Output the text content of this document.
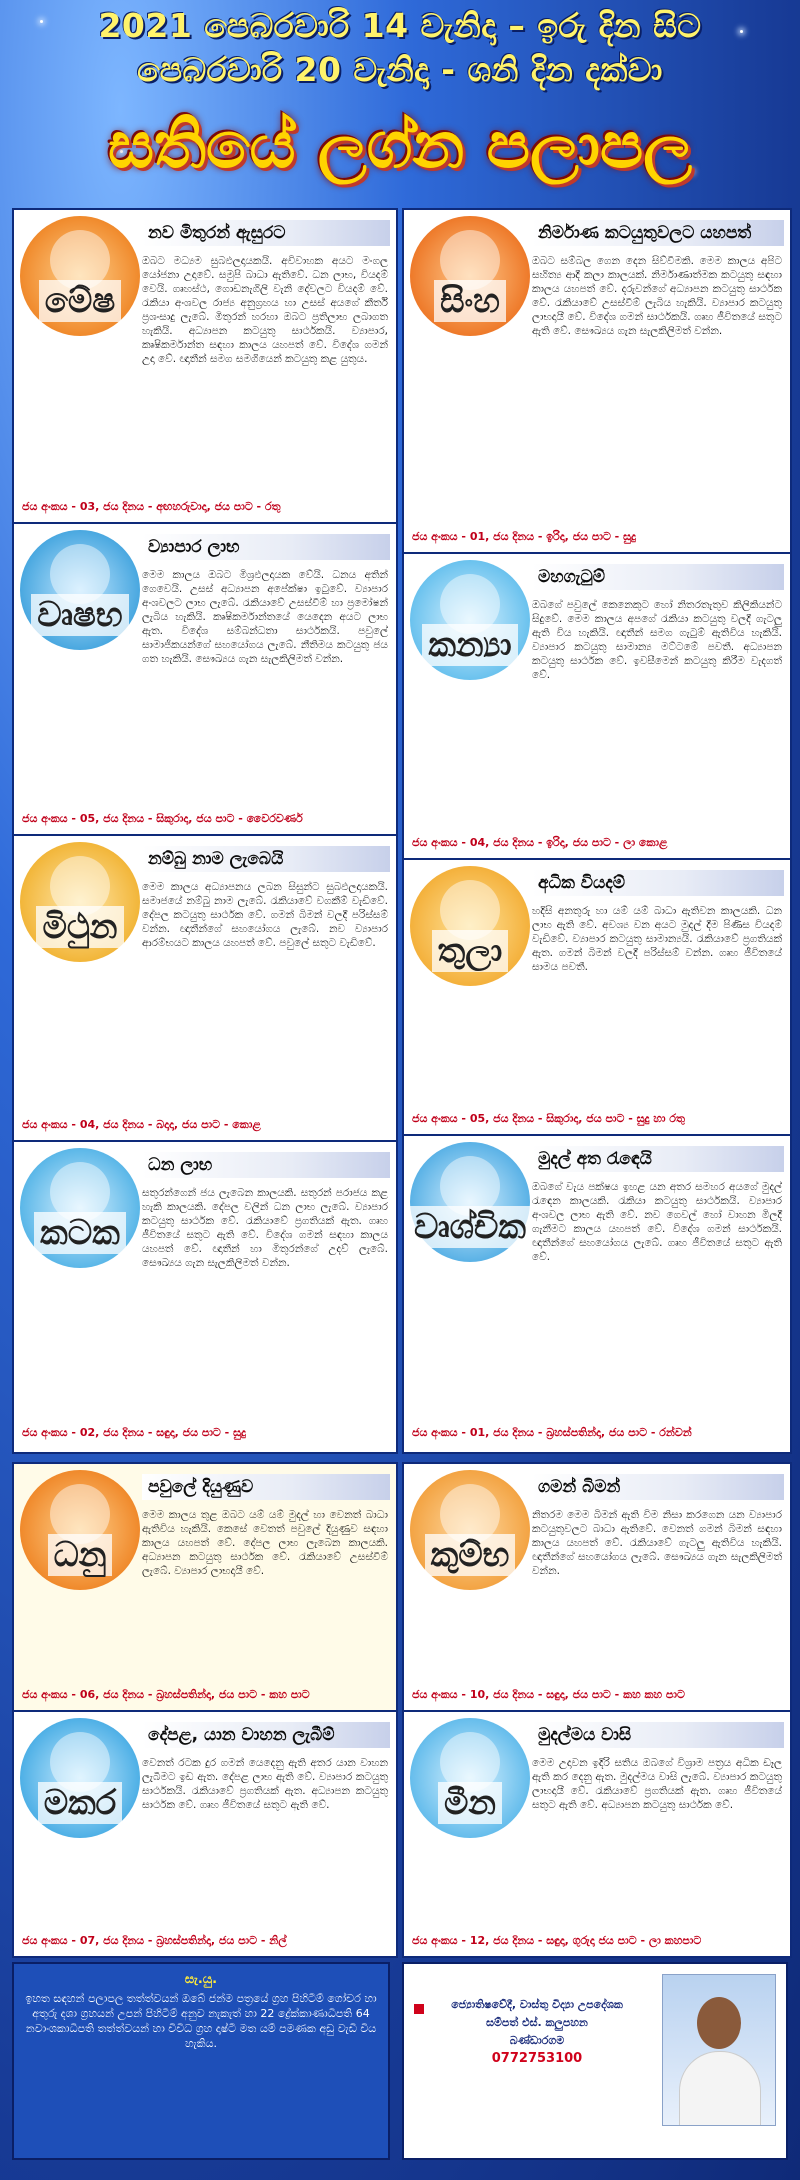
2021 පෙබරවාරි 14 වැනිදා – ඉරු දින සිට
පෙබරවාරි 20 වැනිදා - ශනි දින දක්වා
සතියේ ලග්න පලාපල
මේෂ
නව මිතුරන් ඇසුරට
ඔබට මධ්‍යම සුබඵලදායකයි. අවිවාහක අයට මංගල යෝජනා උදාවේ. සමුපි බාධා ඇතිවේ. ධන ලාභ, වියදම් වෙයි. ගෘහස්ථ, ගොඩනැගිලි වැනි දේවලට වියදම් වේ. රැකියා අංශවල රාජ්‍ය අනුග්‍රහය හා උසස් අයගේ කීර්ති ප්‍රශංසාදු ලැබේ. මිතුරන් හරහා ඔබට ප්‍රතිලාභ ලබාගත හැකියි. අධ්‍යාපන කටයුතු සාර්ථකයි. ව්‍යාපාර, කෘෂිකර්මාන්ත සඳහා කාලය යහපත් වේ. විදේශ ගමන් උදා වේ. ඥාතීන් සමග සමගියෙන් කටයුතු කළ යුතුය.
ජය අංකය - 03, ජය දිනය - අඟහරුවාදා, ජය පාට - රතු
වෘෂභ
ව්‍යාපාර ලාභ
මෙම කාලය ඔබට මිශ්‍රඵලදායක වේයි. ධනය අතින් ගෙවෙයි. උසස් අධ්‍යාපන අපේක්ෂා ඉටුවේ. ව්‍යාපාර අංශවලට ලාභ ලැබේ. රැකියාවේ උසස්වීම් හා ප්‍රමෝෂන් ලැබිය හැකියි. කෘෂිකර්මාන්තයේ යෙදෙන අයට ලාභ ඇත. විදේශ සම්බන්ධතා සාර්ථකයි. පවුලේ සාමාජිකයන්ගේ සහයෝගය ලැබේ. නීතිමය කටයුතු ජය ගත හැකියි. සෞඛ්‍යය ගැන සැලකිලිමත් වන්න.
ජය අංකය - 05, ජය දිනය - සිකුරාදා, ජය පාට - වෛරවර්ණ
මිථුන
නම්බු නාම ලැබෙයි
මෙම කාලය අධ්‍යාපනය ලබන සිසුන්ට සුබඵලදායකයි. සමාජයේ නම්බු නාම ලැබේ. රැකියාවේ වගකීම් වැඩිවේ. දේපල කටයුතු සාර්ථක වේ. ගමන් බිමන් වලදී පරිස්සම් වන්න. ඥාතීන්ගේ සහයෝගය ලැබේ. නව ව්‍යාපාර ආරම්භයට කාලය යහපත් වේ. පවුලේ සතුට වැඩිවේ.
ජය අංකය - 04, ජය දිනය - බදාදා, ජය පාට - කොළ
කටක
ධන ලාභ
සතුරන්ගෙන් ජය ලැබෙන කාලයකි. සතුරන් පරාජය කළ හැකි කාලයකි. දේපල වලින් ධන ලාභ ලැබේ. ව්‍යාපාර කටයුතු සාර්ථක වේ. රැකියාවේ ප්‍රගතියක් ඇත. ගෘහ ජීවිතයේ සතුට ඇති වේ. විදේශ ගමන් සඳහා කාලය යහපත් වේ. ඥාතීන් හා මිතුරන්ගේ උදව් ලැබේ. සෞඛ්‍යය ගැන සැලකිලිමත් වන්න.
ජය අංකය - 02, ජය දිනය - සඳුදා, ජය පාට - සුදු
සිංහ
නිර්මාණ කටයුතුවලට යහපත්
ඔබට සම්බල ගෙන දෙන සිව්වීමකි. මෙම කාලය අපිට සහිත්‍ය ආදී කලා කාලයක්. නිර්මාණාත්මක කටයුතු සඳහා කාලය යහපත් වේ. දරුවන්ගේ අධ්‍යාපන කටයුතු සාර්ථක වේ. රැකියාවේ උසස්වීම් ලැබිය හැකියි. ව්‍යාපාර කටයුතු ලාභදායී වේ. විදේශ ගමන් සාර්ථකයි. ගෘහ ජීවිතයේ සතුට ඇති වේ. සෞඛ්‍යය ගැන සැලකිලිමත් වන්න.
ජය අංකය - 01, ජය දිනය - ඉරිදා, ජය පාට - සුදු
කන්‍යා
මහගැටුම්
ඔබගේ පවුලේ කෙනෙකුට හෝ නිතරතැතුව කිලිකියන්ට සිදුවේ. මෙම කාලය අපගේ රැකියා කටයුතු වලදී ගැටලු ඇති විය හැකියි. ඥාතීන් සමග ගැටුම් ඇතිවිය හැකියි. ව්‍යාපාර කටයුතු සාමාන්‍ය මට්ටමේ පවතී. අධ්‍යාපන කටයුතු සාර්ථක වේ. ඉවසීමෙන් කටයුතු කිරීම වැදගත් වේ.
ජය අංකය - 04, ජය දිනය - ඉරිදා, ජය පාට - ලා කොළ
තුලා
අධික වියදම්
හදිසි අනතුරු හා යම් යම් බාධා ඇතිවන කාලයකි. ධන ලාභ ඇති වේ. අවශ්‍ය වන අයට මුදල් දීම පිණිස වියදම් වැඩිවේ. ව්‍යාපාර කටයුතු සාමාන්‍යයි. රැකියාවේ ප්‍රගතියක් ඇත. ගමන් බිමන් වලදී පරිස්සම් වන්න. ගෘහ ජීවිතයේ සාමය පවතී.
ජය අංකය - 05, ජය දිනය - සිකුරාදා, ජය පාට - සුදු හා රතු
වෘශ්චික
මුදල් අත රැඳෙයි
ඔබගේ වැය පක්ෂය ඉහළ යන අතර සමහර අයගේ මුදල් රැඳෙන කාලයකි. රැකියා කටයුතු සාර්ථකයි. ව්‍යාපාර අංශවල ලාභ ඇති වේ. නව ගෙවල් හෝ වාහන මිලදී ගැනීමට කාලය යහපත් වේ. විදේශ ගමන් සාර්ථකයි. ඥාතීන්ගේ සහයෝගය ලැබේ. ගෘහ ජීවිතයේ සතුට ඇති වේ.
ජය අංකය - 01, ජය දිනය - බ්‍රහස්පතින්දා, ජය පාට - රන්වන්
ධනු
පවුලේ දියුණුව
මෙම කාලය තුළ ඔබට යම් යම් මුදල් හා වෙනත් බාධා ඇතිවිය හැකියි. කෙසේ වෙතත් පවුලේ දියුණුව සඳහා කාලය යහපත් වේ. දේපල ලාභ ලැබෙන කාලයකි. අධ්‍යාපන කටයුතු සාර්ථක වේ. රැකියාවේ උසස්වීම් ලැබේ. ව්‍යාපාර ලාභදායී වේ.
ජය අංකය - 06, ජය දිනය - බ්‍රහස්පතින්දා, ජය පාට - කහ පාට
මකර
දේපළ, යාන වාහන ලැබීම්
වෙනත් රටක දුර ගමන් යෙදෙනු ඇති අතර යාන වාහන ලැබීමට ඉඩ ඇත. දේපළ ලාභ ඇති වේ. ව්‍යාපාර කටයුතු සාර්ථකයි. රැකියාවේ ප්‍රගතියක් ඇත. අධ්‍යාපන කටයුතු සාර්ථක වේ. ගෘහ ජීවිතයේ සතුට ඇති වේ.
ජය අංකය - 07, ජය දිනය - බ්‍රහස්පතින්දා, ජය පාට - නිල්
කුම්භ
ගමන් බිමන්
නිතරම මෙම බිමන් ඇති විම නිසා කරගෙන යන ව්‍යාපාර කටයුතුවලට බාධා ඇතිවේ. වෙනත් ගමන් බිමන් සඳහා කාලය යහපත් වේ. රැකියාවේ ගැටලු ඇතිවිය හැකියි. ඥාතීන්ගේ සහයෝගය ලැබේ. සෞඛ්‍යය ගැන සැලකිලිමත් වන්න.
ජය අංකය - 10, ජය දිනය - සඳුදා, ජය පාට - කහ කහ පාට
මීන
මුදල්මය වාසි
මෙම උදාවන ඉදිරි සතිය ඔබගේ විශ්‍රාම පත්‍රය අධික ඩෑල ඇති කර දෙනු ඇත. මුදල්මය වාසි ලැබේ. ව්‍යාපාර කටයුතු ලාභදායී වේ. රැකියාවේ ප්‍රගතියක් ඇත. ගෘහ ජීවිතයේ සතුට ඇති වේ. අධ්‍යාපන කටයුතු සාර්ථක වේ.
ජය අංකය - 12, ජය දිනය - සඳුදා, ගුරුදා ජය පාට - ලා කහපාට
සැ.යු.
ඉහත සඳහන් පලාපල තත්ත්වයන් ඔබේ ජන්ම පත්‍රයේ ග්‍රහ පිහිටීම් ගෝචර හා අතුරු දශා ග්‍රහයන් උපන් පිහිටීම් අනුව නැකැත් හා 22 ද්‍රේක්කාණාධිපති 64 නවාංශකාධිපති තත්ත්වයන් හා විවිධ ග්‍රහ දෘෂ්ටී මත යම් පමණක අඩු වැඩි විය හැකිය.
ජ්‍යොතිෂවේදී, වාස්තු විද්‍යා උපදේශක
සම්පත් එස්. කලුපහන
බණ්ඩාරගම
0772753100
